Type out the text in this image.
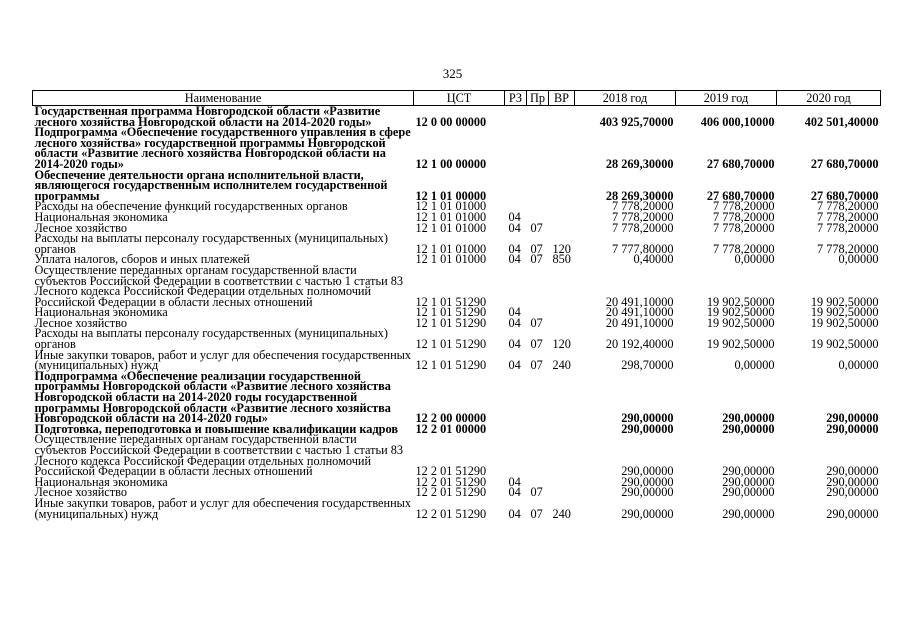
325
Наименование	ЦСТ	РЗ	Пр	ВР	2018 год	2019 год	2020 год
Государственная программа Новгородской области «Развитие лесного хозяйства Новгородской области на 2014-2020 годы»	12 0 00 00000				403 925,70000	406 000,10000	402 501,40000
Подпрограмма «Обеспечение государственного управления в сфере лесного хозяйства» государственной программы Новгородской области «Развитие лесного хозяйства Новгородской области на 2014-2020 годы»	12 1 00 00000				28 269,30000	27 680,70000	27 680,70000
Обеспечение деятельности органа исполнительной власти, являющегося государственным исполнителем государственной программы	12 1 01 00000				28 269,30000	27 680,70000	27 680,70000
Расходы на обеспечение функций государственных органов	12 1 01 01000				7 778,20000	7 778,20000	7 778,20000
Национальная экономика	12 1 01 01000	04			7 778,20000	7 778,20000	7 778,20000
Лесное хозяйство	12 1 01 01000	04	07		7 778,20000	7 778,20000	7 778,20000
Расходы на выплаты персоналу государственных (муниципальных) органов	12 1 01 01000	04	07	120	7 777,80000	7 778,20000	7 778,20000
Уплата налогов, сборов и иных платежей	12 1 01 01000	04	07	850	0,40000	0,00000	0,00000
Осуществление переданных органам государственной власти субъектов Российской Федерации в соответствии с частью 1 статьи 83 Лесного кодекса Российской Федерации отдельных полномочий Российской Федерации в области лесных отношений	12 1 01 51290				20 491,10000	19 902,50000	19 902,50000
Национальная экономика	12 1 01 51290	04			20 491,10000	19 902,50000	19 902,50000
Лесное хозяйство	12 1 01 51290	04	07		20 491,10000	19 902,50000	19 902,50000
Расходы на выплаты персоналу государственных (муниципальных) органов	12 1 01 51290	04	07	120	20 192,40000	19 902,50000	19 902,50000
Иные закупки товаров, работ и услуг для обеспечения государственных (муниципальных) нужд	12 1 01 51290	04	07	240	298,70000	0,00000	0,00000
Подпрограмма «Обеспечение реализации государственной программы Новгородской области «Развитие лесного хозяйства Новгородской области на 2014-2020 годы государственной программы Новгородской области «Развитие лесного хозяйства Новгородской области на 2014-2020 годы»	12 2 00 00000				290,00000	290,00000	290,00000
Подготовка, переподготовка и повышение квалификации кадров	12 2 01 00000				290,00000	290,00000	290,00000
Осуществление переданных органам государственной власти субъектов Российской Федерации в соответствии с частью 1 статьи 83 Лесного кодекса Российской Федерации отдельных полномочий Российской Федерации в области лесных отношений	12 2 01 51290				290,00000	290,00000	290,00000
Национальная экономика	12 2 01 51290	04			290,00000	290,00000	290,00000
Лесное хозяйство	12 2 01 51290	04	07		290,00000	290,00000	290,00000
Иные закупки товаров, работ и услуг для обеспечения государственных (муниципальных) нужд	12 2 01 51290	04	07	240	290,00000	290,00000	290,00000
